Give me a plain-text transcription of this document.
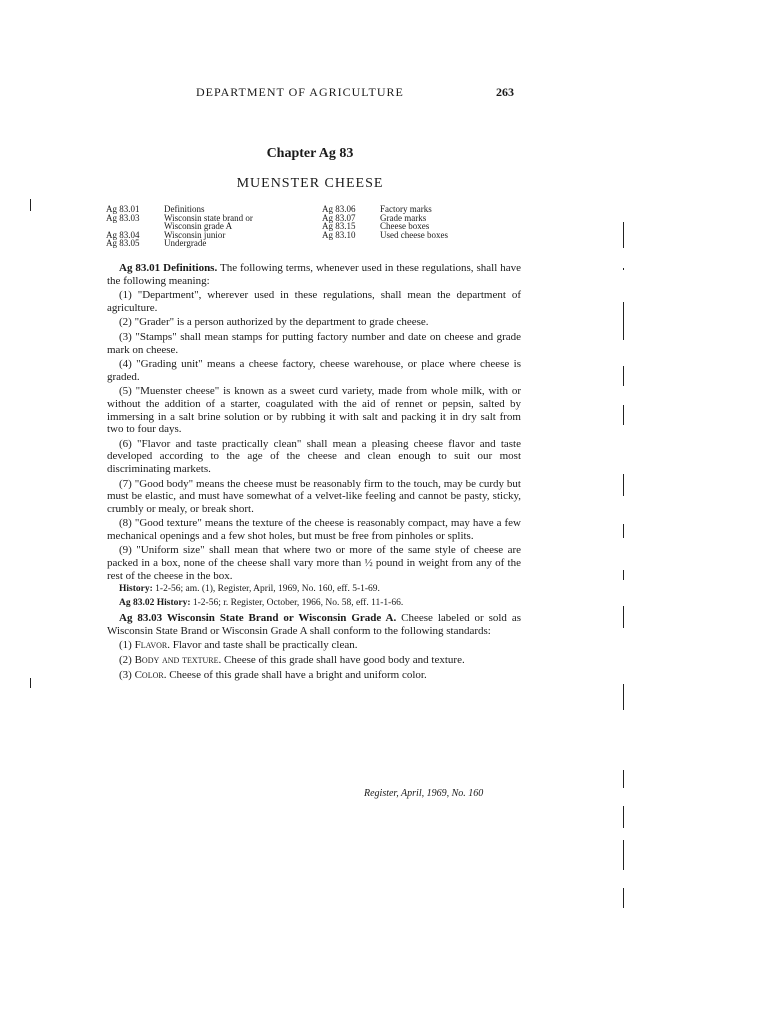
DEPARTMENT OF AGRICULTURE	263
Chapter Ag 83
MUENSTER CHEESE
Ag 83.01	Definitions
Ag 83.03	Wisconsin state brand or
Wisconsin grade A
Ag 83.04	Wisconsin junior
Ag 83.05	Undergrade
Ag 83.06	Factory marks
Ag 83.07	Grade marks
Ag 83.15	Cheese boxes
Ag 83.10	Used cheese boxes

Ag 83.01 Definitions. The following terms, whenever used in these regulations, shall have the following meaning:

(1) "Department", wherever used in these regulations, shall mean the department of agriculture.

(2) "Grader" is a person authorized by the department to grade cheese.

(3) "Stamps" shall mean stamps for putting factory number and date on cheese and grade mark on cheese.

(4) "Grading unit" means a cheese factory, cheese warehouse, or place where cheese is graded.

(5) "Muenster cheese" is known as a sweet curd variety, made from whole milk, with or without the addition of a starter, coagulated with the aid of rennet or pepsin, salted by immersing in a salt brine solution or by rubbing it with salt and packing it in dry salt from two to four days.

(6) "Flavor and taste practically clean" shall mean a pleasing cheese flavor and taste developed according to the age of the cheese and clean enough to suit our most discriminating markets.

(7) "Good body" means the cheese must be reasonably firm to the touch, may be curdy but must be elastic, and must have somewhat of a velvet-like feeling and cannot be pasty, sticky, crumbly or mealy, or break short.

(8) "Good texture" means the texture of the cheese is reasonably compact, may have a few mechanical openings and a few shot holes, but must be free from pinholes or splits.

(9) "Uniform size" shall mean that where two or more of the same style of cheese are packed in a box, none of the cheese shall vary more than ½ pound in weight from any of the rest of the cheese in the box.

History: 1-2-56; am. (1), Register, April, 1969, No. 160, eff. 5-1-69.

Ag 83.02 History: 1-2-56; r. Register, October, 1966, No. 58, eff. 11-1-66.

Ag 83.03 Wisconsin State Brand or Wisconsin Grade A. Cheese labeled or sold as Wisconsin State Brand or Wisconsin Grade A shall conform to the following standards:

(1) Flavor. Flavor and taste shall be practically clean.

(2) Body and texture. Cheese of this grade shall have good body and texture.

(3) Color. Cheese of this grade shall have a bright and uniform color.

Register, April, 1969, No. 160
